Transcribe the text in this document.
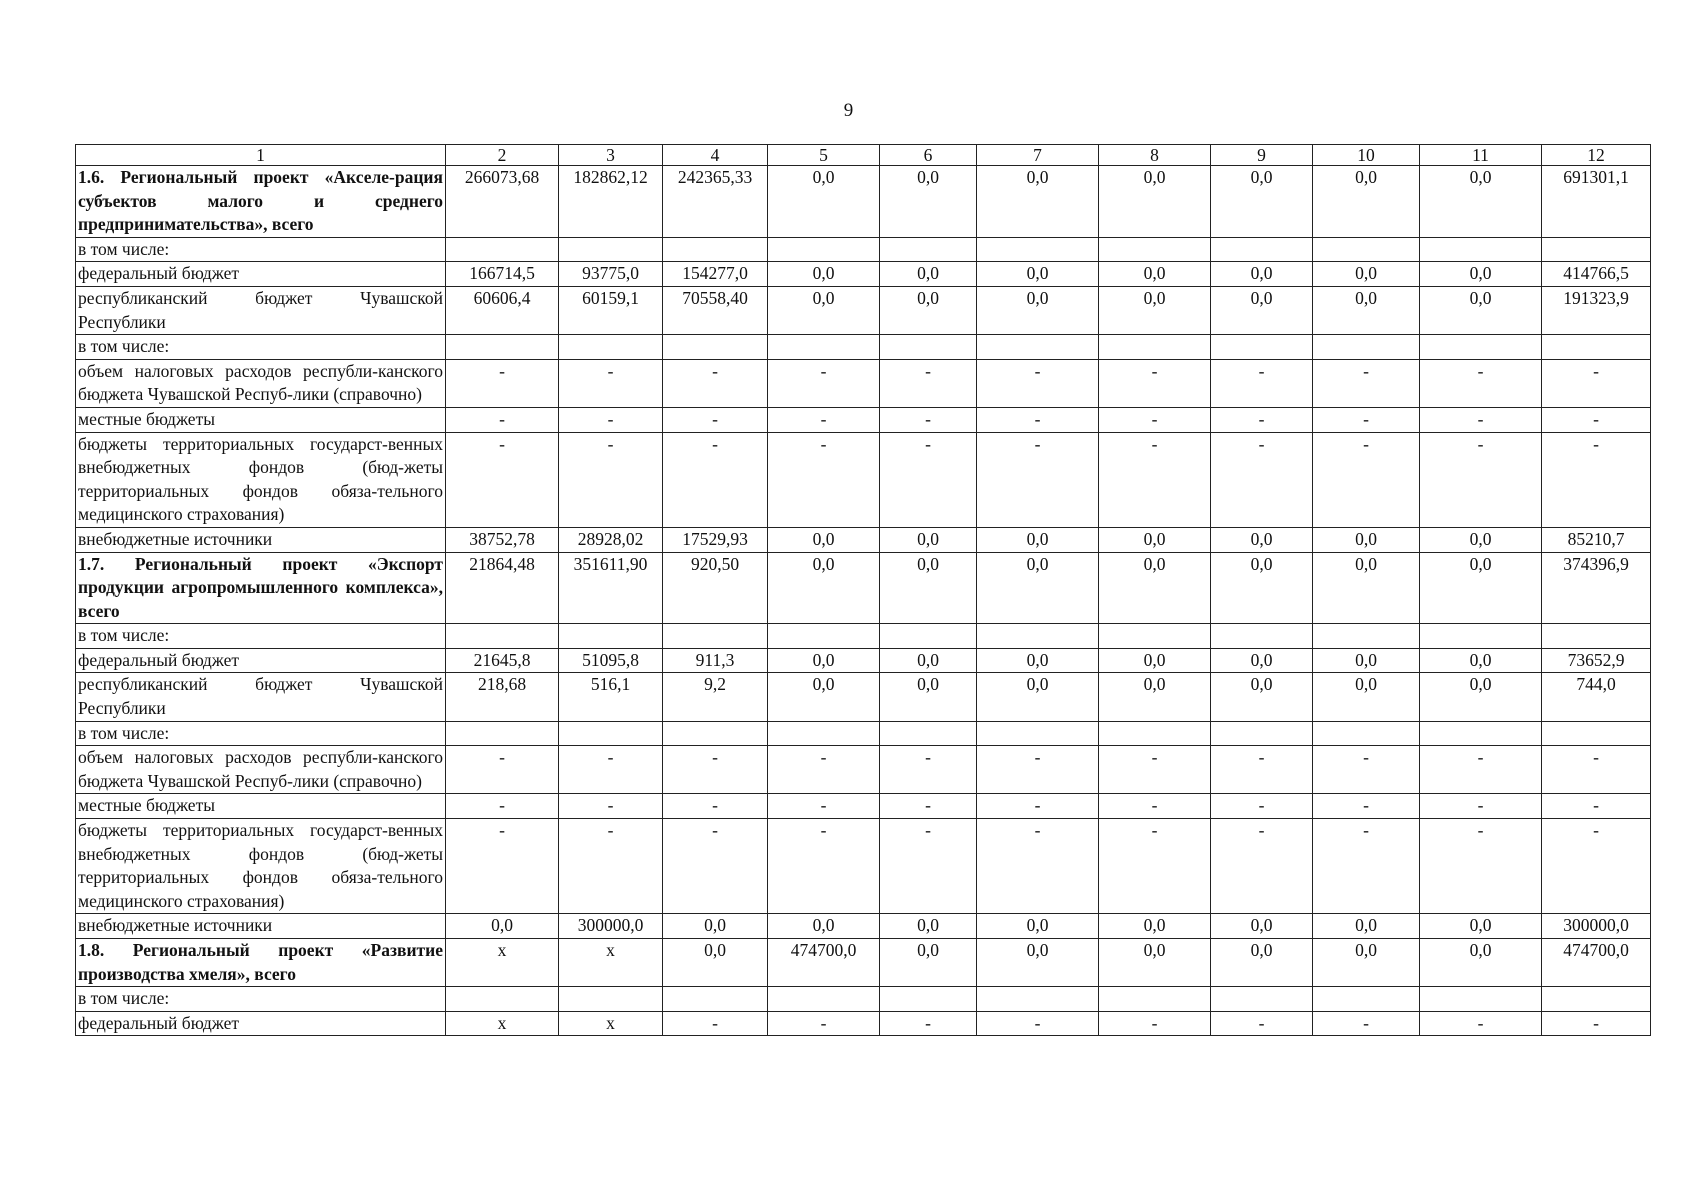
9
1	2	3	4	5	6	7	8	9	10	11	12
1.6. Региональный проект «Акселе-рация субъектов малого и среднего предпринимательства», всего	266073,68	182862,12	242365,33	0,0	0,0	0,0	0,0	0,0	0,0	0,0	691301,1
в том числе:											
федеральный бюджет	166714,5	93775,0	154277,0	0,0	0,0	0,0	0,0	0,0	0,0	0,0	414766,5
республиканский бюджет Чувашской Республики	60606,4	60159,1	70558,40	0,0	0,0	0,0	0,0	0,0	0,0	0,0	191323,9
в том числе:											
объем налоговых расходов республи-канского бюджета Чувашской Респуб-лики (справочно)	-	-	-	-	-	-	-	-	-	-	-
местные бюджеты	-	-	-	-	-	-	-	-	-	-	-
бюджеты территориальных государст-венных внебюджетных фондов (бюд-жеты территориальных фондов обяза-тельного медицинского страхования)	-	-	-	-	-	-	-	-	-	-	-
внебюджетные источники	38752,78	28928,02	17529,93	0,0	0,0	0,0	0,0	0,0	0,0	0,0	85210,7
1.7. Региональный проект «Экспорт продукции агропромышленного комплекса», всего	21864,48	351611,90	920,50	0,0	0,0	0,0	0,0	0,0	0,0	0,0	374396,9
в том числе:											
федеральный бюджет	21645,8	51095,8	911,3	0,0	0,0	0,0	0,0	0,0	0,0	0,0	73652,9
республиканский бюджет Чувашской Республики	218,68	516,1	9,2	0,0	0,0	0,0	0,0	0,0	0,0	0,0	744,0
в том числе:											
объем налоговых расходов республи-канского бюджета Чувашской Респуб-лики (справочно)	-	-	-	-	-	-	-	-	-	-	-
местные бюджеты	-	-	-	-	-	-	-	-	-	-	-
бюджеты территориальных государст-венных внебюджетных фондов (бюд-жеты территориальных фондов обяза-тельного медицинского страхования)	-	-	-	-	-	-	-	-	-	-	-
внебюджетные источники	0,0	300000,0	0,0	0,0	0,0	0,0	0,0	0,0	0,0	0,0	300000,0
1.8. Региональный проект «Развитие производства хмеля», всего	x	x	0,0	474700,0	0,0	0,0	0,0	0,0	0,0	0,0	474700,0
в том числе:											
федеральный бюджет	x	x	-	-	-	-	-	-	-	-	-
